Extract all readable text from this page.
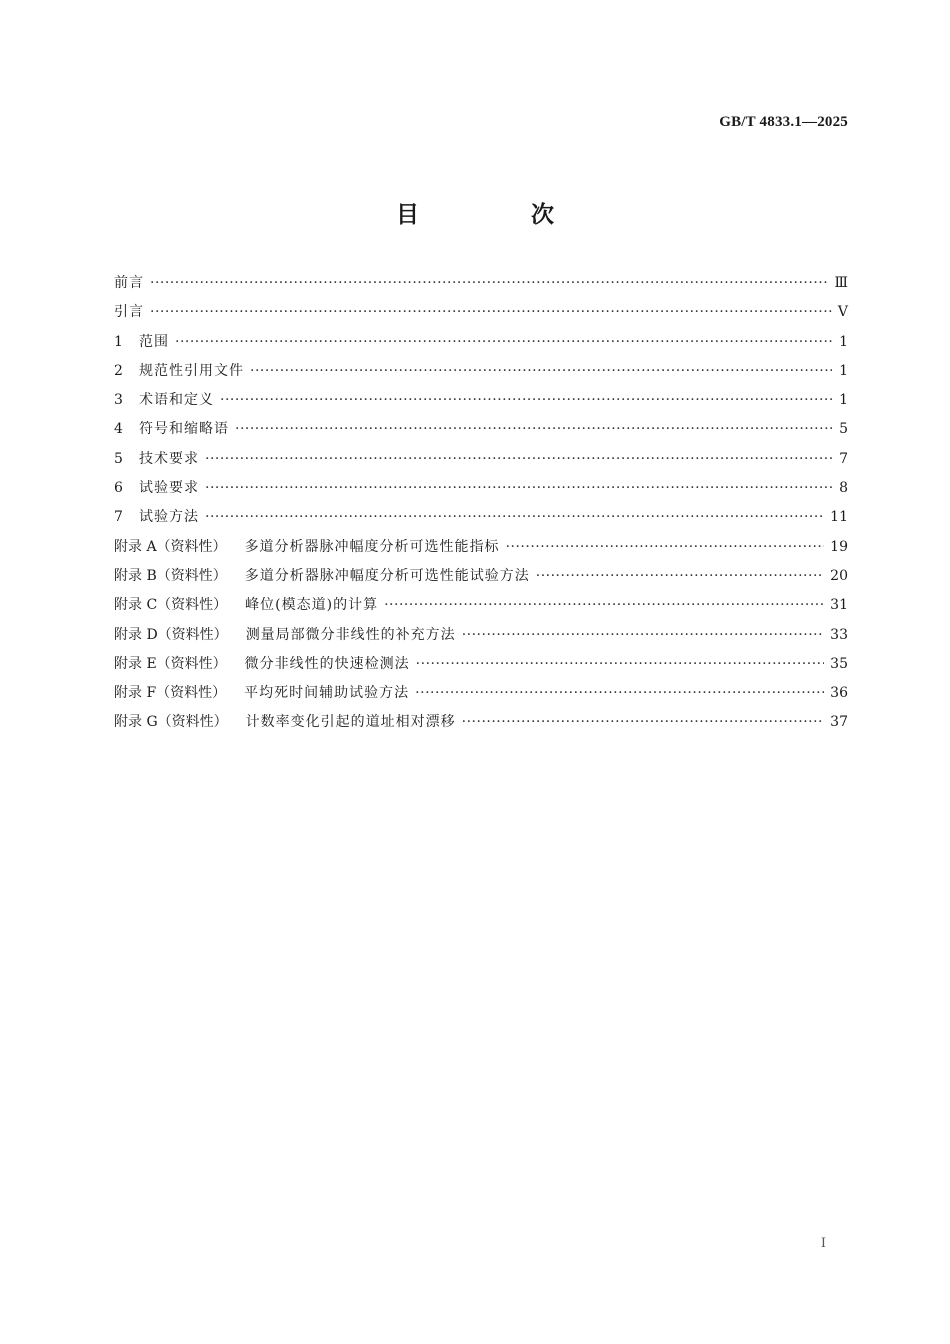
GB/T 4833.1—2025
目 次
前言 ·····	Ⅲ
引言 ·····	Ⅴ
1	范围 ·····	1
2	规范性引用文件 ·····	1
3	术语和定义 ·····	1
4	符号和缩略语 ·····	5
5	技术要求 ·····	7
6	试验要求 ·····	8
7	试验方法 ·····	11
附录 A（资料性） 多道分析器脉冲幅度分析可选性能指标 ·····	19
附录 B（资料性） 多道分析器脉冲幅度分析可选性能试验方法 ·····	20
附录 C（资料性） 峰位(模态道)的计算 ·····	31
附录 D（资料性） 测量局部微分非线性的补充方法 ·····	33
附录 E（资料性） 微分非线性的快速检测法 ·····	35
附录 F（资料性） 平均死时间辅助试验方法 ·····	36
附录 G（资料性） 计数率变化引起的道址相对漂移 ·····	37
I
